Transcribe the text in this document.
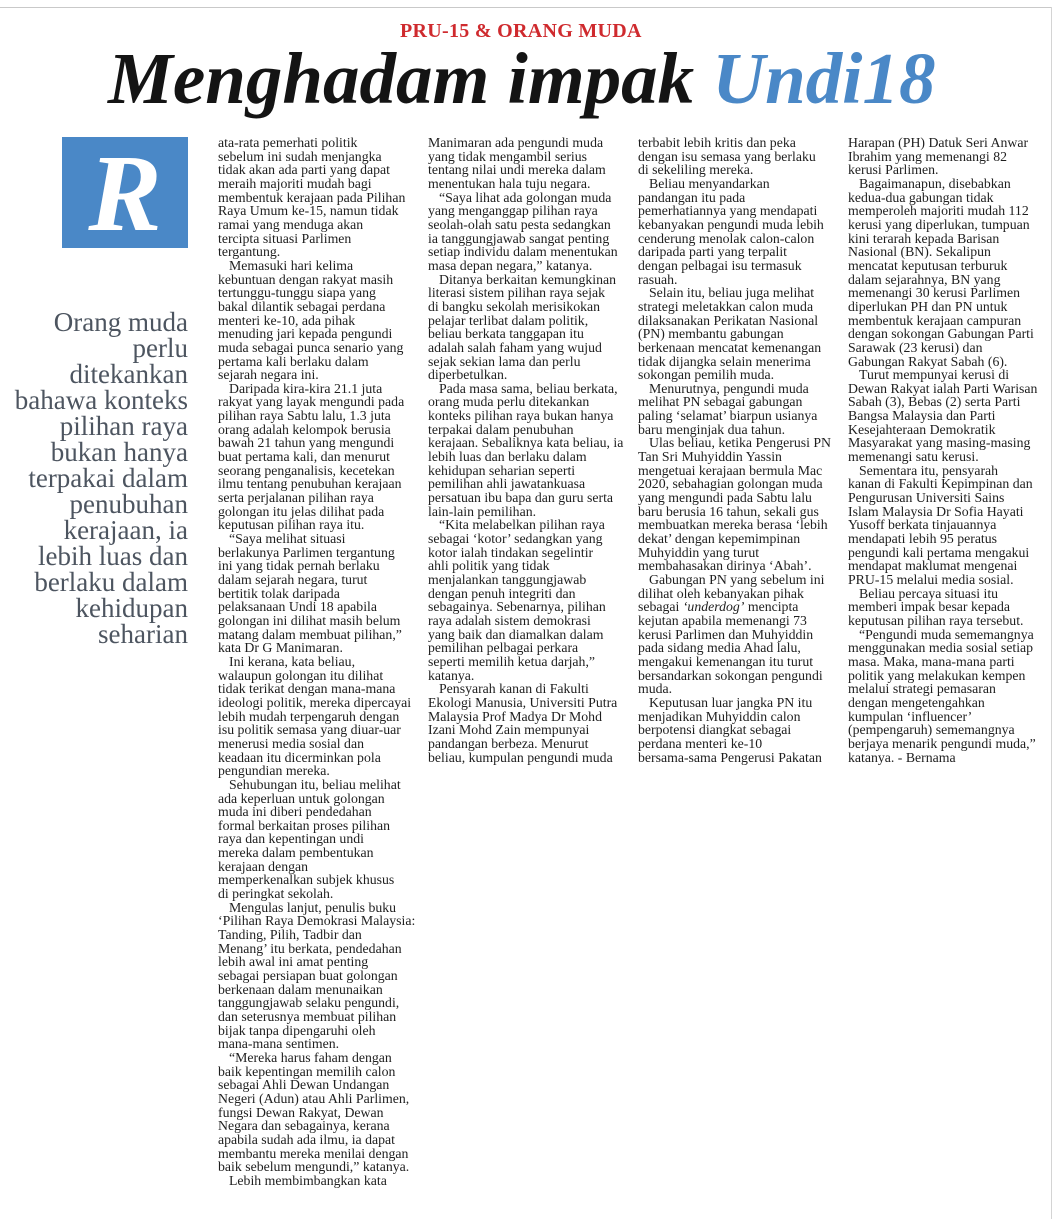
PRU-15 & ORANG MUDA
Menghadam impak Undi18
R
Orang muda
perlu
ditekankan
bahawa konteks
pilihan raya
bukan hanya
terpakai dalam
penubuhan
kerajaan, ia
lebih luas dan
berlaku dalam
kehidupan
seharian
ata-rata pemerhati politik
sebelum ini sudah menjangka
tidak akan ada parti yang dapat
meraih majoriti mudah bagi
membentuk kerajaan pada Pilihan
Raya Umum ke-15, namun tidak
ramai yang menduga akan
tercipta situasi Parlimen
tergantung.
Memasuki hari kelima
kebuntuan dengan rakyat masih
tertunggu-tunggu siapa yang
bakal dilantik sebagai perdana
menteri ke-10, ada pihak
menuding jari kepada pengundi
muda sebagai punca senario yang
pertama kali berlaku dalam
sejarah negara ini.
Daripada kira-kira 21.1 juta
rakyat yang layak mengundi pada
pilihan raya Sabtu lalu, 1.3 juta
orang adalah kelompok berusia
bawah 21 tahun yang mengundi
buat pertama kali, dan menurut
seorang penganalisis, kecetekan
ilmu tentang penubuhan kerajaan
serta perjalanan pilihan raya
golongan itu jelas dilihat pada
keputusan pilihan raya itu.
“Saya melihat situasi
berlakunya Parlimen tergantung
ini yang tidak pernah berlaku
dalam sejarah negara, turut
bertitik tolak daripada
pelaksanaan Undi 18 apabila
golongan ini dilihat masih belum
matang dalam membuat pilihan,”
kata Dr G Manimaran.
Ini kerana, kata beliau,
walaupun golongan itu dilihat
tidak terikat dengan mana-mana
ideologi politik, mereka dipercayai
lebih mudah terpengaruh dengan
isu politik semasa yang diuar-uar
menerusi media sosial dan
keadaan itu dicerminkan pola
pengundian mereka.
Sehubungan itu, beliau melihat
ada keperluan untuk golongan
muda ini diberi pendedahan
formal berkaitan proses pilihan
raya dan kepentingan undi
mereka dalam pembentukan
kerajaan dengan
memperkenalkan subjek khusus
di peringkat sekolah.
Mengulas lanjut, penulis buku
‘Pilihan Raya Demokrasi Malaysia:
Tanding, Pilih, Tadbir dan
Menang’ itu berkata, pendedahan
lebih awal ini amat penting
sebagai persiapan buat golongan
berkenaan dalam menunaikan
tanggungjawab selaku pengundi,
dan seterusnya membuat pilihan
bijak tanpa dipengaruhi oleh
mana-mana sentimen.
“Mereka harus faham dengan
baik kepentingan memilih calon
sebagai Ahli Dewan Undangan
Negeri (Adun) atau Ahli Parlimen,
fungsi Dewan Rakyat, Dewan
Negara dan sebagainya, kerana
apabila sudah ada ilmu, ia dapat
membantu mereka menilai dengan
baik sebelum mengundi,” katanya.
Lebih membimbangkan kata
Manimaran ada pengundi muda
yang tidak mengambil serius
tentang nilai undi mereka dalam
menentukan hala tuju negara.
“Saya lihat ada golongan muda
yang menganggap pilihan raya
seolah-olah satu pesta sedangkan
ia tanggungjawab sangat penting
setiap individu dalam menentukan
masa depan negara,” katanya.
Ditanya berkaitan kemungkinan
literasi sistem pilihan raya sejak
di bangku sekolah merisikokan
pelajar terlibat dalam politik,
beliau berkata tanggapan itu
adalah salah faham yang wujud
sejak sekian lama dan perlu
diperbetulkan.
Pada masa sama, beliau berkata,
orang muda perlu ditekankan
konteks pilihan raya bukan hanya
terpakai dalam penubuhan
kerajaan. Sebaliknya kata beliau, ia
lebih luas dan berlaku dalam
kehidupan seharian seperti
pemilihan ahli jawatankuasa
persatuan ibu bapa dan guru serta
lain-lain pemilihan.
“Kita melabelkan pilihan raya
sebagai ‘kotor’ sedangkan yang
kotor ialah tindakan segelintir
ahli politik yang tidak
menjalankan tanggungjawab
dengan penuh integriti dan
sebagainya. Sebenarnya, pilihan
raya adalah sistem demokrasi
yang baik dan diamalkan dalam
pemilihan pelbagai perkara
seperti memilih ketua darjah,”
katanya.
Pensyarah kanan di Fakulti
Ekologi Manusia, Universiti Putra
Malaysia Prof Madya Dr Mohd
Izani Mohd Zain mempunyai
pandangan berbeza. Menurut
beliau, kumpulan pengundi muda
terbabit lebih kritis dan peka
dengan isu semasa yang berlaku
di sekeliling mereka.
Beliau menyandarkan
pandangan itu pada
pemerhatiannya yang mendapati
kebanyakan pengundi muda lebih
cenderung menolak calon-calon
daripada parti yang terpalit
dengan pelbagai isu termasuk
rasuah.
Selain itu, beliau juga melihat
strategi meletakkan calon muda
dilaksanakan Perikatan Nasional
(PN) membantu gabungan
berkenaan mencatat kemenangan
tidak dijangka selain menerima
sokongan pemilih muda.
Menurutnya, pengundi muda
melihat PN sebagai gabungan
paling ‘selamat’ biarpun usianya
baru menginjak dua tahun.
Ulas beliau, ketika Pengerusi PN
Tan Sri Muhyiddin Yassin
mengetuai kerajaan bermula Mac
2020, sebahagian golongan muda
yang mengundi pada Sabtu lalu
baru berusia 16 tahun, sekali gus
membuatkan mereka berasa ‘lebih
dekat’ dengan kepemimpinan
Muhyiddin yang turut
membahasakan dirinya ‘Abah’.
Gabungan PN yang sebelum ini
dilihat oleh kebanyakan pihak
sebagai ‘underdog’ mencipta
kejutan apabila memenangi 73
kerusi Parlimen dan Muhyiddin
pada sidang media Ahad lalu,
mengakui kemenangan itu turut
bersandarkan sokongan pengundi
muda.
Keputusan luar jangka PN itu
menjadikan Muhyiddin calon
berpotensi diangkat sebagai
perdana menteri ke-10
bersama-sama Pengerusi Pakatan
Harapan (PH) Datuk Seri Anwar
Ibrahim yang memenangi 82
kerusi Parlimen.
Bagaimanapun, disebabkan
kedua-dua gabungan tidak
memperoleh majoriti mudah 112
kerusi yang diperlukan, tumpuan
kini terarah kepada Barisan
Nasional (BN). Sekalipun
mencatat keputusan terburuk
dalam sejarahnya, BN yang
memenangi 30 kerusi Parlimen
diperlukan PH dan PN untuk
membentuk kerajaan campuran
dengan sokongan Gabungan Parti
Sarawak (23 kerusi) dan
Gabungan Rakyat Sabah (6).
Turut mempunyai kerusi di
Dewan Rakyat ialah Parti Warisan
Sabah (3), Bebas (2) serta Parti
Bangsa Malaysia dan Parti
Kesejahteraan Demokratik
Masyarakat yang masing-masing
memenangi satu kerusi.
Sementara itu, pensyarah
kanan di Fakulti Kepimpinan dan
Pengurusan Universiti Sains
Islam Malaysia Dr Sofia Hayati
Yusoff berkata tinjauannya
mendapati lebih 95 peratus
pengundi kali pertama mengakui
mendapat maklumat mengenai
PRU-15 melalui media sosial.
Beliau percaya situasi itu
memberi impak besar kepada
keputusan pilihan raya tersebut.
“Pengundi muda sememangnya
menggunakan media sosial setiap
masa. Maka, mana-mana parti
politik yang melakukan kempen
melalui strategi pemasaran
dengan mengetengahkan
kumpulan ‘influencer’
(pempengaruh) sememangnya
berjaya menarik pengundi muda,”
katanya. - Bernama
